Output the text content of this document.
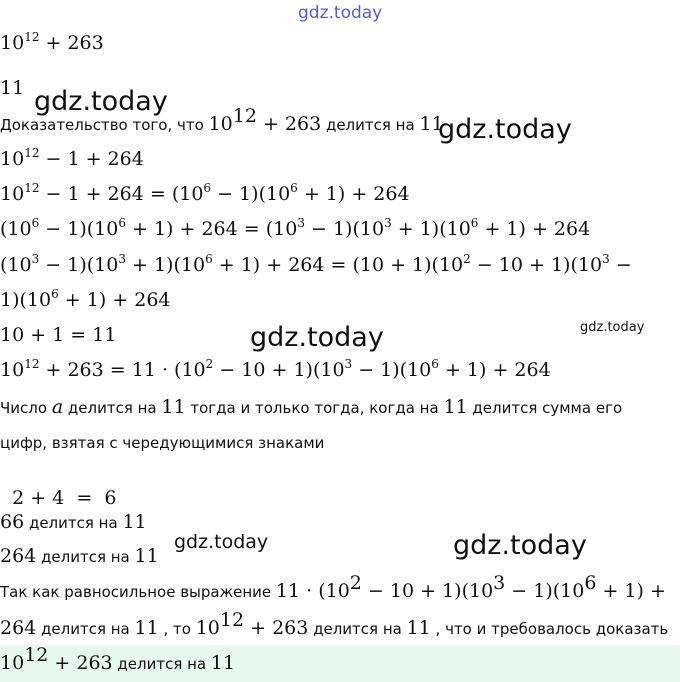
gdz.today
gdz.today
gdz.today
gdz.today	gdz.today
gdz.today	gdz.today
$10^{12} + 263$
11
Доказательство того, что $10^{12} + 263$ делится на 11
$10^{12} - 1 + 264$
$10^{12} - 1 + 264 = (10^6 - 1)(10^6 + 1) + 264$
$(10^6 - 1)(10^6 + 1) + 264 = (10^3 - 1)(10^3 + 1)(10^6 + 1) + 264$
$(10^3 - 1)(10^3 + 1)(10^6 + 1) + 264 = (10 + 1)(10^2 - 10 + 1)(10^3$ −
$1)(10^6 + 1) + 264$
10 + 1 = 11
$10^{12} + 263 = 11 \cdot (10^2 - 10 + 1)(10^3 - 1)(10^6 + 1) + 264$
Число a делится на 11 тогда и только тогда, когда на 11 делится сумма его
цифр, взятая с чередующимися знаками

2 + 4  =  6

66 делится на 11
264 делится на 11
Так как равносильное выражение $11 \cdot (10^2 - 10 + 1)(10^3 - 1)(10^6 + 1)$ +
264 делится на 11 , то $10^{12} + 263$ делится на 11 , что и требовалось доказать
$10^{12} + 263$ делится на 11
